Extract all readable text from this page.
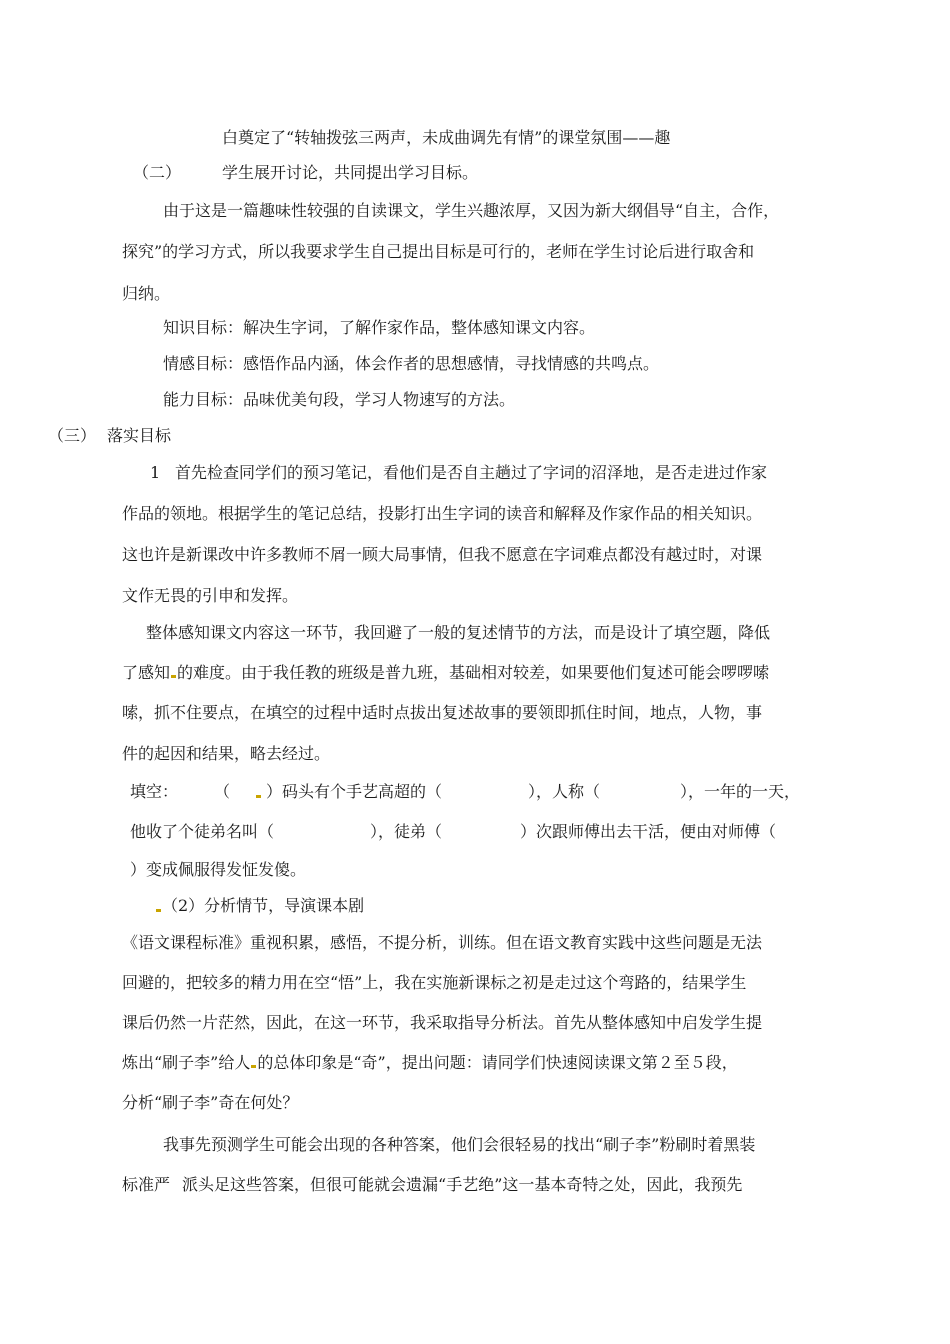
白奠定了“转轴拨弦三两声，未成曲调先有情”的课堂氛围——趣
（二）	学生展开讨论，共同提出学习目标。
由于这是一篇趣味性较强的自读课文，学生兴趣浓厚，又因为新大纲倡导“自主，合作，
探究”的学习方式，所以我要求学生自己提出目标是可行的，老师在学生讨论后进行取舍和
归纳。
知识目标：解决生字词，了解作家作品，整体感知课文内容。
情感目标：感悟作品内涵，体会作者的思想感情，寻找情感的共鸣点。
能力目标：品味优美句段，学习人物速写的方法。
（三） 落实目标
1 首先检查同学们的预习笔记，看他们是否自主趟过了字词的沼泽地，是否走进过作家
作品的领地。根据学生的笔记总结，投影打出生字词的读音和解释及作家作品的相关知识。
这也许是新课改中许多教师不屑一顾大局事情，但我不愿意在字词难点都没有越过时，对课
文作无畏的引申和发挥。
整体感知课文内容这一环节，我回避了一般的复述情节的方法，而是设计了填空题，降低
了感知 的难度。由于我任教的班级是普九班，基础相对较差，如果要他们复述可能会啰啰嗦
嗦，抓不住要点，在填空的过程中适时点拔出复述故事的要领即抓住时间，地点，人物，事
件的起因和结果，略去经过。
填空： （ ）码头有个手艺高超的（	），人称（	），一年的一天，
他收了个徒弟名叫（	），徒弟（	）次跟师傅出去干活，便由对师傅（
）变成佩服得发怔发傻。
（2）分析情节，导演课本剧
《语文课程标准》重视积累，感悟，不提分析，训练。但在语文教育实践中这些问题是无法
回避的，把较多的精力用在空“悟”上，我在实施新课标之初是走过这个弯路的，结果学生
课后仍然一片茫然，因此，在这一环节，我采取指导分析法。首先从整体感知中启发学生提
炼出“刷子李”给人 的总体印象是“奇”，提出问题：请同学们快速阅读课文第２至５段，
分析“刷子李”奇在何处？
我事先预测学生可能会出现的各种答案，他们会很轻易的找出“刷子李”粉刷时着黑装
标准严 派头足这些答案，但很可能就会遗漏“手艺绝”这一基本奇特之处，因此，我预先
